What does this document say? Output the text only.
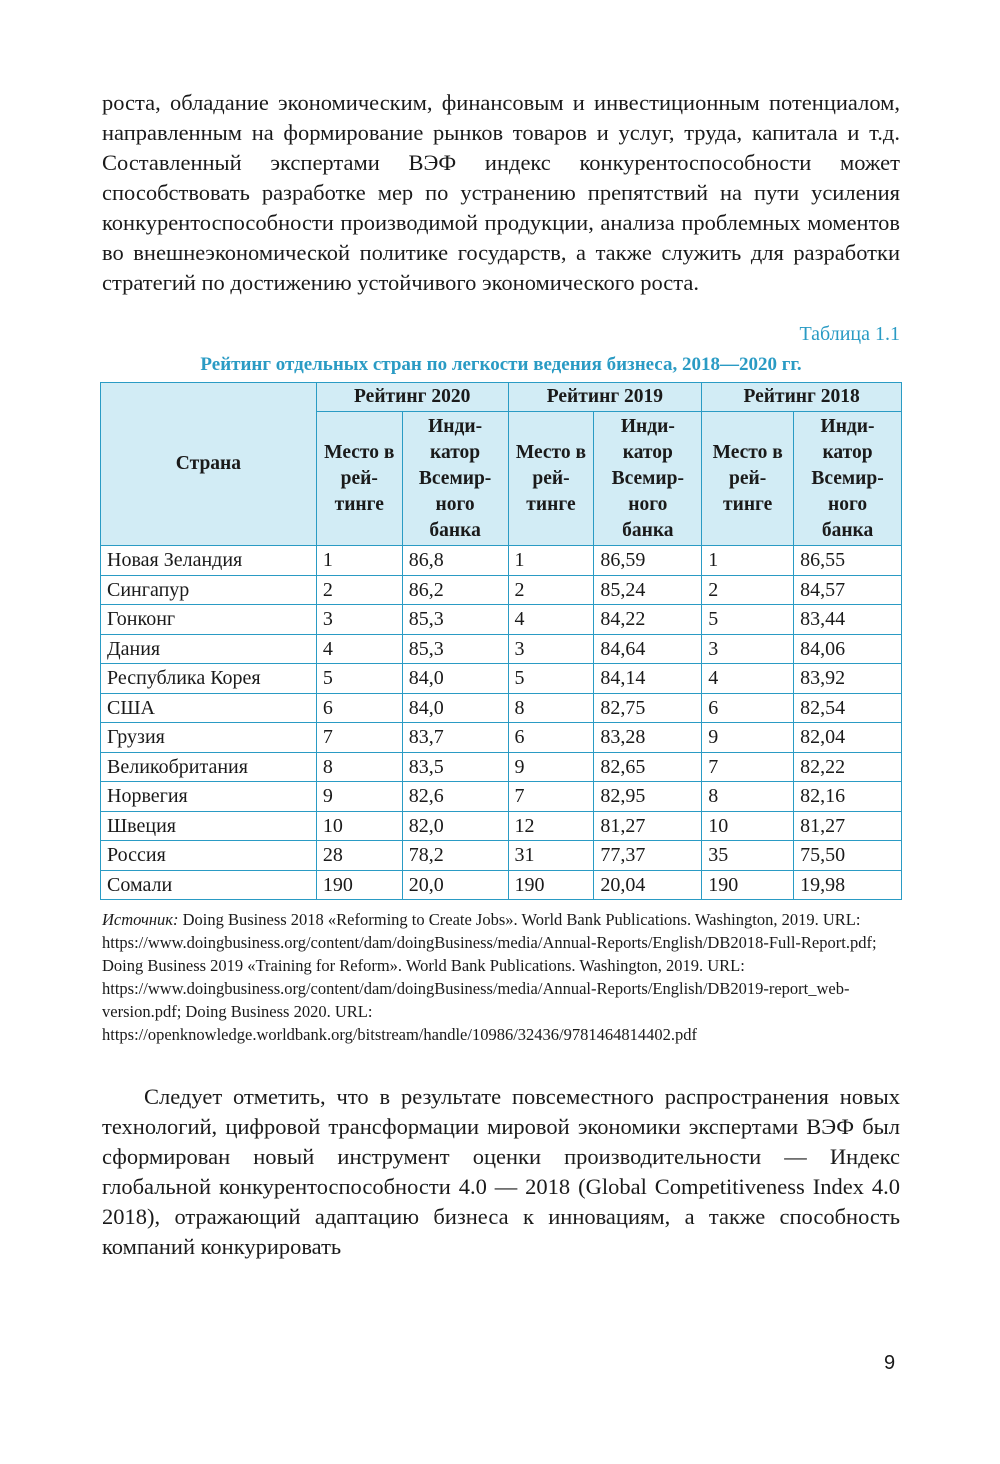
роста, обладание экономическим, финансовым и инвестиционным потенциалом, направленным на формирование рынков товаров и услуг, труда, капитала и т.д. Составленный экспертами ВЭФ индекс конкурентоспособности может способствовать разработке мер по устранению препятствий на пути усиления конкурентоспособности производимой продукции, анализа проблемных моментов во внешнеэкономической политике государств, а также служить для разработки стратегий по достижению устойчивого экономического роста.

Таблица 1.1
Рейтинг отдельных стран по легкости ведения бизнеса, 2018—2020 гг.
Страна	Рейтинг 2020		Рейтинг 2019		Рейтинг 2018	
	Место в рей-тинге	Инди-катор Всемир-ного банка	Место в рей-тинге	Инди-катор Всемир-ного банка	Место в рей-тинге	Инди-катор Всемир-ного банка
Новая Зеландия	1	86,8	1	86,59	1	86,55
Сингапур	2	86,2	2	85,24	2	84,57
Гонконг	3	85,3	4	84,22	5	83,44
Дания	4	85,3	3	84,64	3	84,06
Республика Корея	5	84,0	5	84,14	4	83,92
США	6	84,0	8	82,75	6	82,54
Грузия	7	83,7	6	83,28	9	82,04
Великобритания	8	83,5	9	82,65	7	82,22
Норвегия	9	82,6	7	82,95	8	82,16
Швеция	10	82,0	12	81,27	10	81,27
Россия	28	78,2	31	77,37	35	75,50
Сомали	190	20,0	190	20,04	190	19,98
Источник: Doing Business 2018 «Reforming to Create Jobs». World Bank Publications. Washington, 2019. URL: https://www.doingbusiness.org/content/dam/doingBusiness/media/Annual-Reports/English/DB2018-Full-Report.pdf; Doing Business 2019 «Training for Reform». World Bank Publications. Washington, 2019. URL: https://www.doingbusiness.org/content/dam/doingBusiness/media/Annual-Reports/English/DB2019-report_web-version.pdf; Doing Business 2020. URL: https://openknowledge.worldbank.org/bitstream/handle/10986/32436/9781464814402.pdf

Следует отметить, что в результате повсеместного распространения новых технологий, цифровой трансформации мировой экономики экспертами ВЭФ был сформирован новый инструмент оценки производительности — Индекс глобальной конкурентоспособности 4.0 — 2018 (Global Competitiveness Index 4.0 2018), отражающий адаптацию бизнеса к инновациям, а также способность компаний конкурировать

9
